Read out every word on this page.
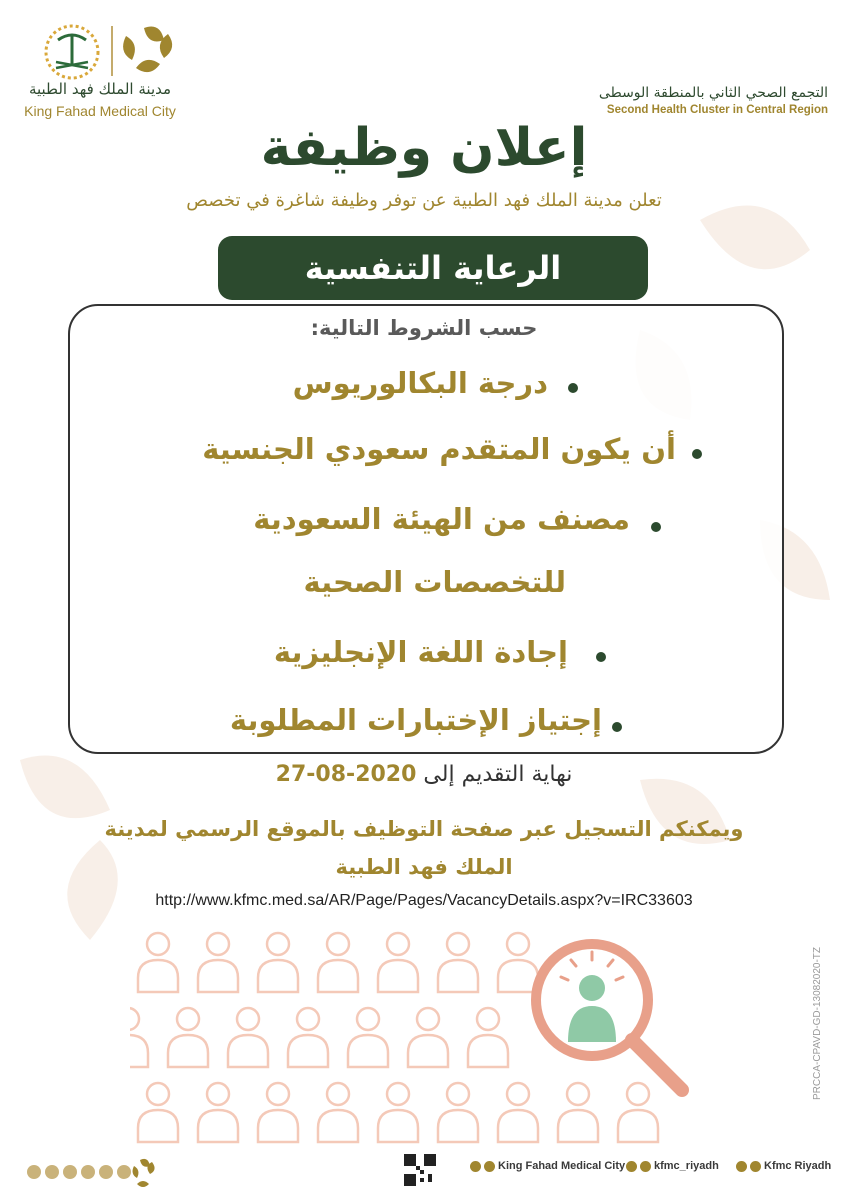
مدينة الملك فهد الطبية
King Fahad Medical City
التجمع الصحي الثاني بالمنطقة الوسطى
Second Health Cluster in Central Region
إعلان وظيفة
تعلن مدينة الملك فهد الطبية عن توفر وظيفة شاغرة في تخصص
الرعاية التنفسية
حسب الشروط التالية:
درجة البكالوريوس
أن يكون المتقدم سعودي الجنسية
مصنف من الهيئة السعودية
للتخصصات الصحية
إجادة اللغة الإنجليزية
إجتياز الإختبارات المطلوبة
نهاية التقديم إلى 2020-08-27
ويمكنكم التسجيل عبر صفحة التوظيف بالموقع الرسمي لمدينة
الملك فهد الطبية
http://www.kfmc.med.sa/AR/Page/Pages/VacancyDetails.aspx?v=IRC33603
PRCCA-CPAVD-GD-13082020-TZ
King Fahad Medical City	kfmc_riyadh	Kfmc Riyadh
